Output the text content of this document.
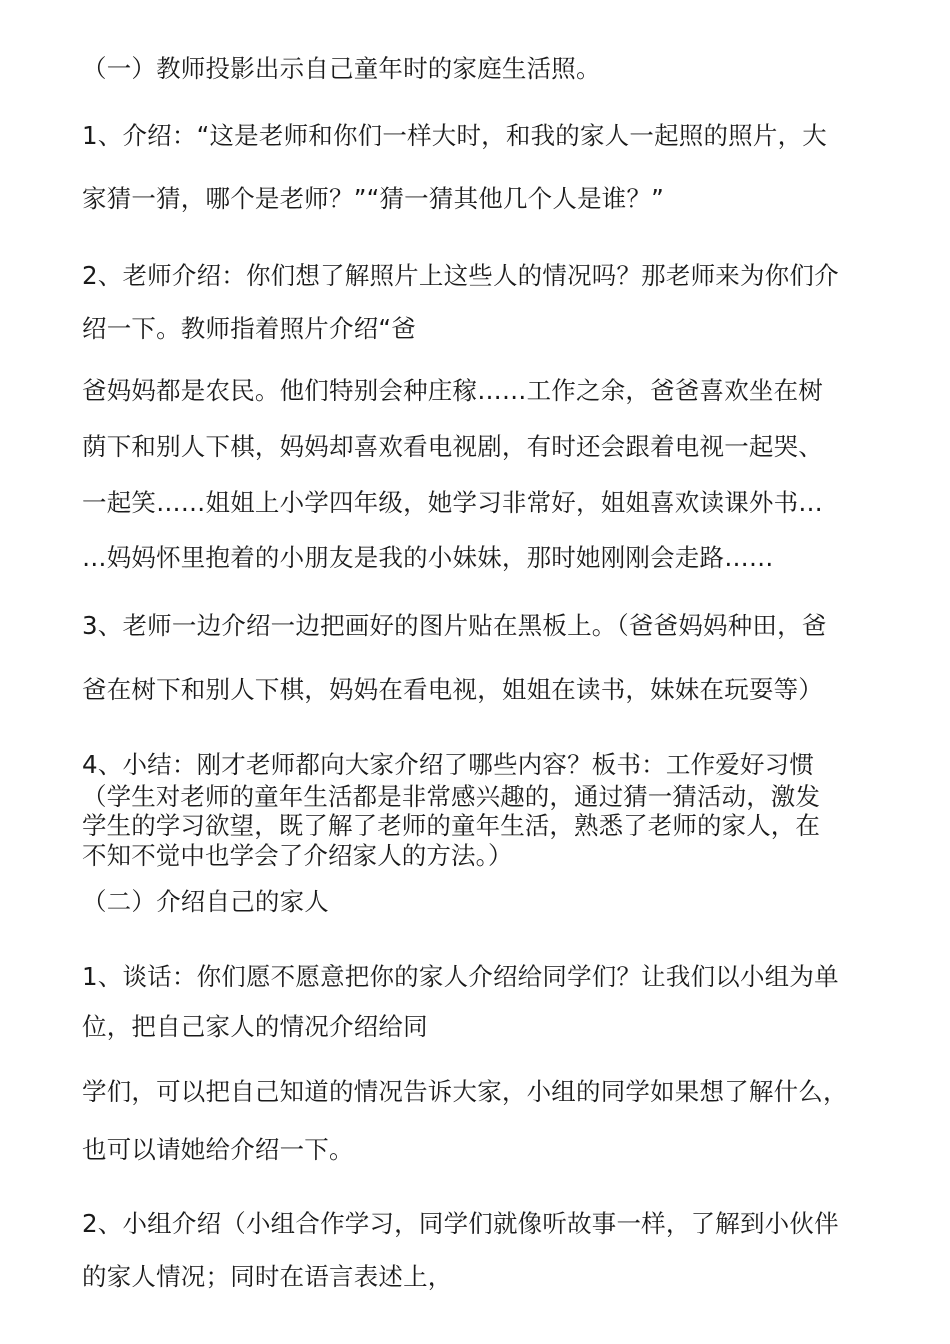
（一）教师投影出示自己童年时的家庭生活照。
1、介绍：“这是老师和你们一样大时，和我的家人一起照的照片，大
家猜一猜，哪个是老师？”“猜一猜其他几个人是谁？”
2、老师介绍：你们想了解照片上这些人的情况吗？那老师来为你们介
绍一下。教师指着照片介绍“爸
爸妈妈都是农民。他们特别会种庄稼……工作之余，爸爸喜欢坐在树
荫下和别人下棋，妈妈却喜欢看电视剧，有时还会跟着电视一起哭、
一起笑……姐姐上小学四年级，她学习非常好，姐姐喜欢读课外书…
…妈妈怀里抱着的小朋友是我的小妹妹，那时她刚刚会走路……
3、老师一边介绍一边把画好的图片贴在黑板上。（爸爸妈妈种田，爸
爸在树下和别人下棋，妈妈在看电视，姐姐在读书，妹妹在玩耍等）
4、小结：刚才老师都向大家介绍了哪些内容？板书：工作爱好习惯
（学生对老师的童年生活都是非常感兴趣的，通过猜一猜活动，激发
学生的学习欲望，既了解了老师的童年生活，熟悉了老师的家人，在
不知不觉中也学会了介绍家人的方法。）
（二）介绍自己的家人
1、谈话：你们愿不愿意把你的家人介绍给同学们？让我们以小组为单
位，把自己家人的情况介绍给同
学们，可以把自己知道的情况告诉大家，小组的同学如果想了解什么，
也可以请她给介绍一下。
2、小组介绍（小组合作学习，同学们就像听故事一样，了解到小伙伴
的家人情况；同时在语言表述上，
